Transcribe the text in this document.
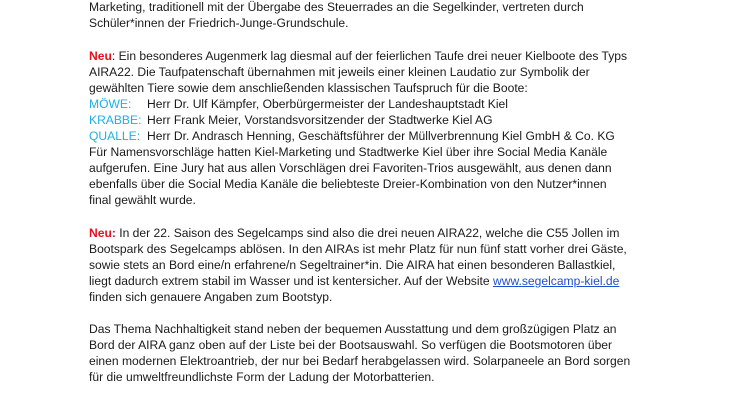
Marketing, traditionell mit der Übergabe des Steuerrades an die Segelkinder, vertreten durch
Schüler*innen der Friedrich-Junge-Grundschule.
Neu: Ein besonderes Augenmerk lag diesmal auf der feierlichen Taufe drei neuer Kielboote des Typs
AIRA22. Die Taufpatenschaft übernahmen mit jeweils einer kleinen Laudatio zur Symbolik der
gewählten Tiere sowie dem anschließenden klassischen Taufspruch für die Boote:
MÖWE: Herr Dr. Ulf Kämpfer, Oberbürgermeister der Landeshauptstadt Kiel
KRABBE: Herr Frank Meier, Vorstandsvorsitzender der Stadtwerke Kiel AG
QUALLE: Herr Dr. Andrasch Henning, Geschäftsführer der Müllverbrennung Kiel GmbH & Co. KG
Für Namensvorschläge hatten Kiel-Marketing und Stadtwerke Kiel über ihre Social Media Kanäle
aufgerufen. Eine Jury hat aus allen Vorschlägen drei Favoriten-Trios ausgewählt, aus denen dann
ebenfalls über die Social Media Kanäle die beliebteste Dreier-Kombination von den Nutzer*innen
final gewählt wurde.
Neu: In der 22. Saison des Segelcamps sind also die drei neuen AIRA22, welche die C55 Jollen im
Bootspark des Segelcamps ablösen. In den AIRAs ist mehr Platz für nun fünf statt vorher drei Gäste,
sowie stets an Bord eine/n erfahrene/n Segeltrainer*in. Die AIRA hat einen besonderen Ballastkiel,
liegt dadurch extrem stabil im Wasser und ist kentersicher. Auf der Website www.segelcamp-kiel.de
finden sich genauere Angaben zum Bootstyp.
Das Thema Nachhaltigkeit stand neben der bequemen Ausstattung und dem großzügigen Platz an
Bord der AIRA ganz oben auf der Liste bei der Bootsauswahl. So verfügen die Bootsmotoren über
einen modernen Elektroantrieb, der nur bei Bedarf herabgelassen wird. Solarpaneele an Bord sorgen
für die umweltfreundlichste Form der Ladung der Motorbatterien.
